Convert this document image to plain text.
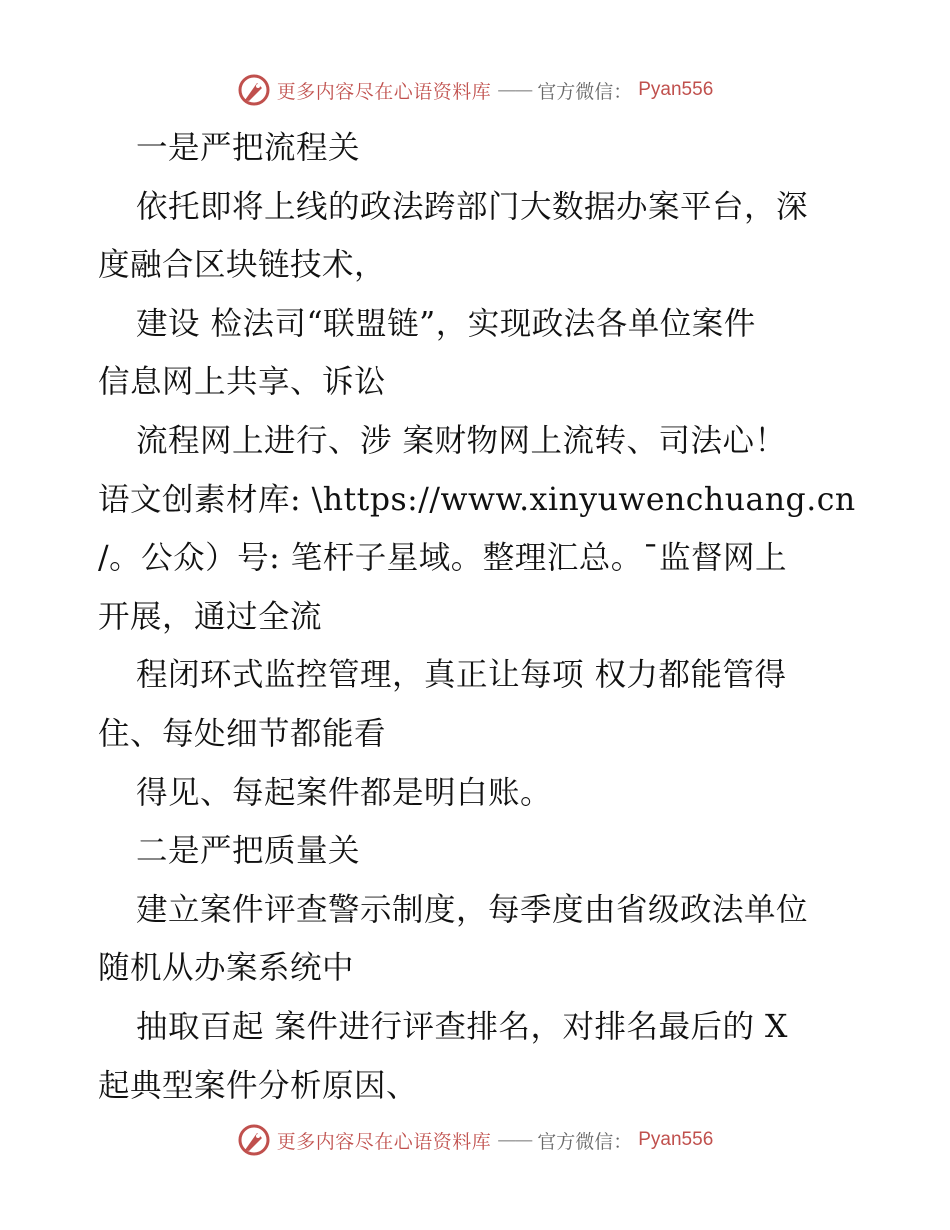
更多内容尽在心语资料库 —— 官方微信： Pyan556
一是严把流程关
依托即将上线的政法跨部门大数据办案平台，深
度融合区块链技术，
建设 检法司“联盟链”，实现政法各单位案件
信息网上共享、诉讼
流程网上进行、涉 案财物网上流转、司法心！
语文创素材库: \https://www.xinyuwenchuang.cn
/。公众）号: 笔杆子星域。整理汇总。¯监督网上
开展，通过全流
程闭环式监控管理，真正让每项 权力都能管得
住、每处细节都能看
得见、每起案件都是明白账。
二是严把质量关
建立案件评查警示制度，每季度由省级政法单位
随机从办案系统中
抽取百起 案件进行评查排名，对排名最后的 X
起典型案件分析原因、
更多内容尽在心语资料库 —— 官方微信： Pyan556
